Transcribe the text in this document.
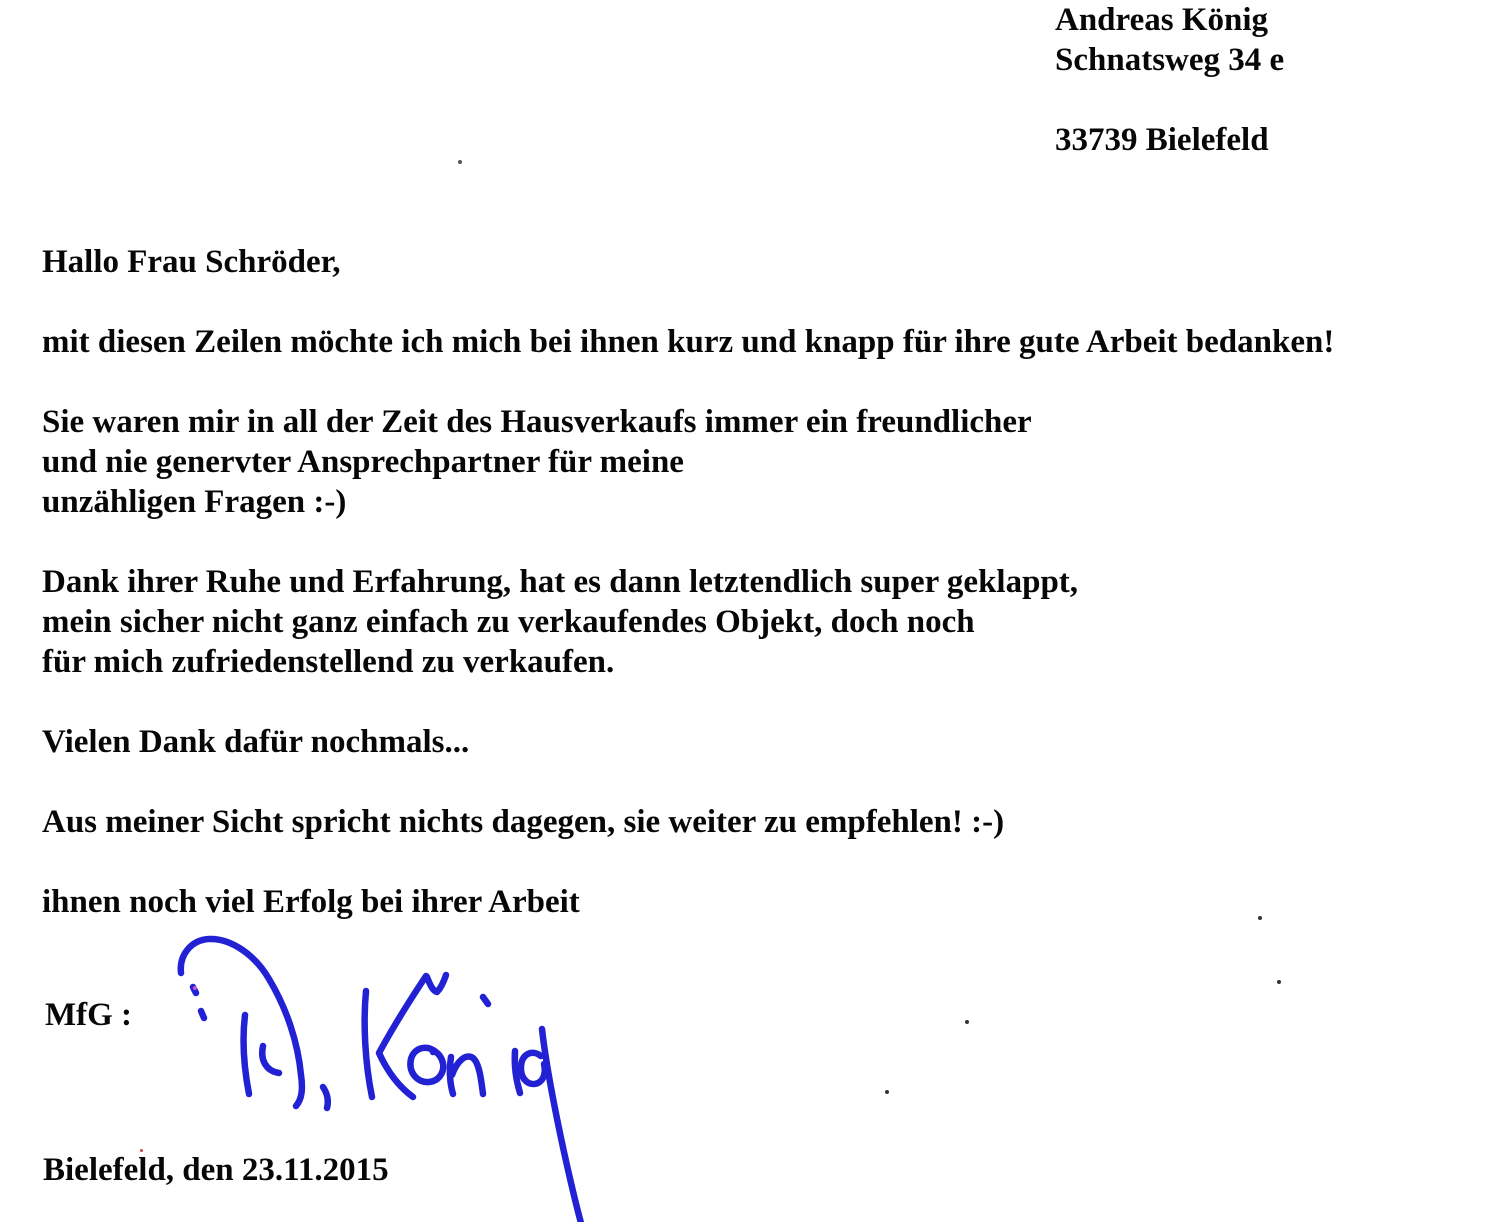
Andreas König
Schnatsweg 34 e
33739 Bielefeld
Hallo Frau Schröder,
mit diesen Zeilen möchte ich mich bei ihnen kurz und knapp für ihre gute Arbeit bedanken!
Sie waren mir in all der Zeit des Hausverkaufs immer ein freundlicher
und nie genervter Ansprechpartner für meine
unzähligen Fragen :-)
Dank ihrer Ruhe und Erfahrung, hat es dann letztendlich super geklappt,
mein sicher nicht ganz einfach zu verkaufendes Objekt, doch noch
für mich zufriedenstellend zu verkaufen.
Vielen Dank dafür nochmals...
Aus meiner Sicht spricht nichts dagegen, sie weiter zu empfehlen! :-)
ihnen noch viel Erfolg bei ihrer Arbeit
MfG :
Bielefeld, den 23.11.2015
